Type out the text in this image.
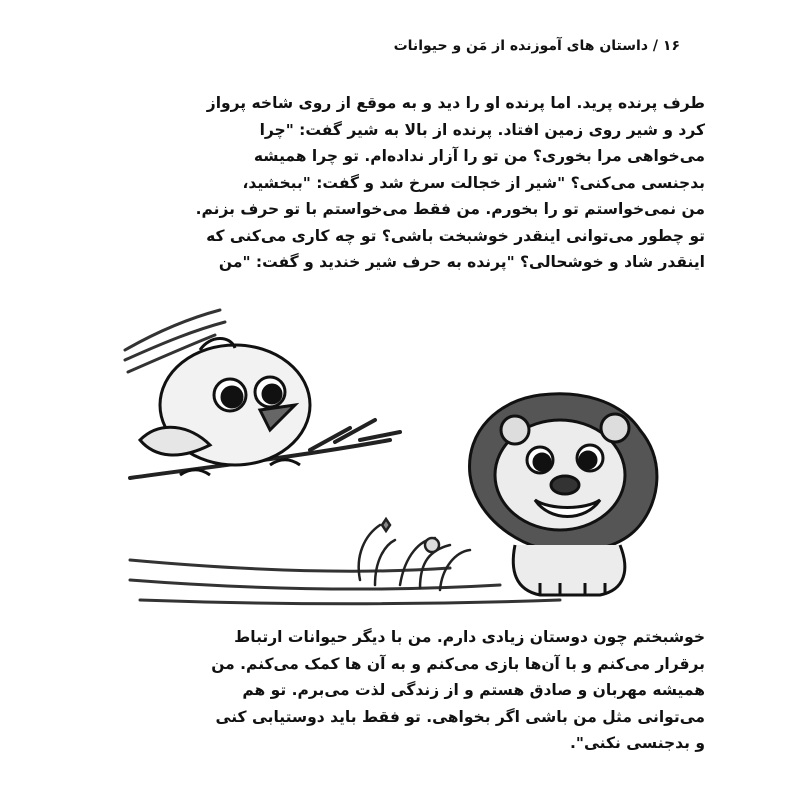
۱۶ / داستان های آموزنده از مَن و حیوانات

طرف پرنده پرید. اما پرنده او را دید و به موقع از روی شاخه پرواز
کرد و شیر روی زمین افتاد. پرنده از بالا به شیر گفت: "چرا
می‌خواهی مرا بخوری؟ من تو را آزار نداده‌ام. تو چرا همیشه
بدجنسی می‌کنی؟ "شیر از خجالت سرخ شد و گفت: "ببخشید،
من نمی‌خواستم تو را بخورم. من فقط می‌خواستم با تو حرف بزنم.
تو چطور می‌توانی اینقدر خوشبخت باشی؟ تو چه کاری می‌کنی که
اینقدر شاد و خوشحالی؟ "پرنده به حرف شیر خندید و گفت: "من

خوشبختم چون دوستان زیادی دارم. من با دیگر حیوانات ارتباط
برقرار می‌کنم و با آن‌ها بازی می‌کنم و به آن ها کمک می‌کنم. من
همیشه مهربان و صادق هستم و از زندگی لذت می‌برم. تو هم
می‌توانی مثل من باشی اگر بخواهی. تو فقط باید دوستیابی کنی
و بدجنسی نکنی".
